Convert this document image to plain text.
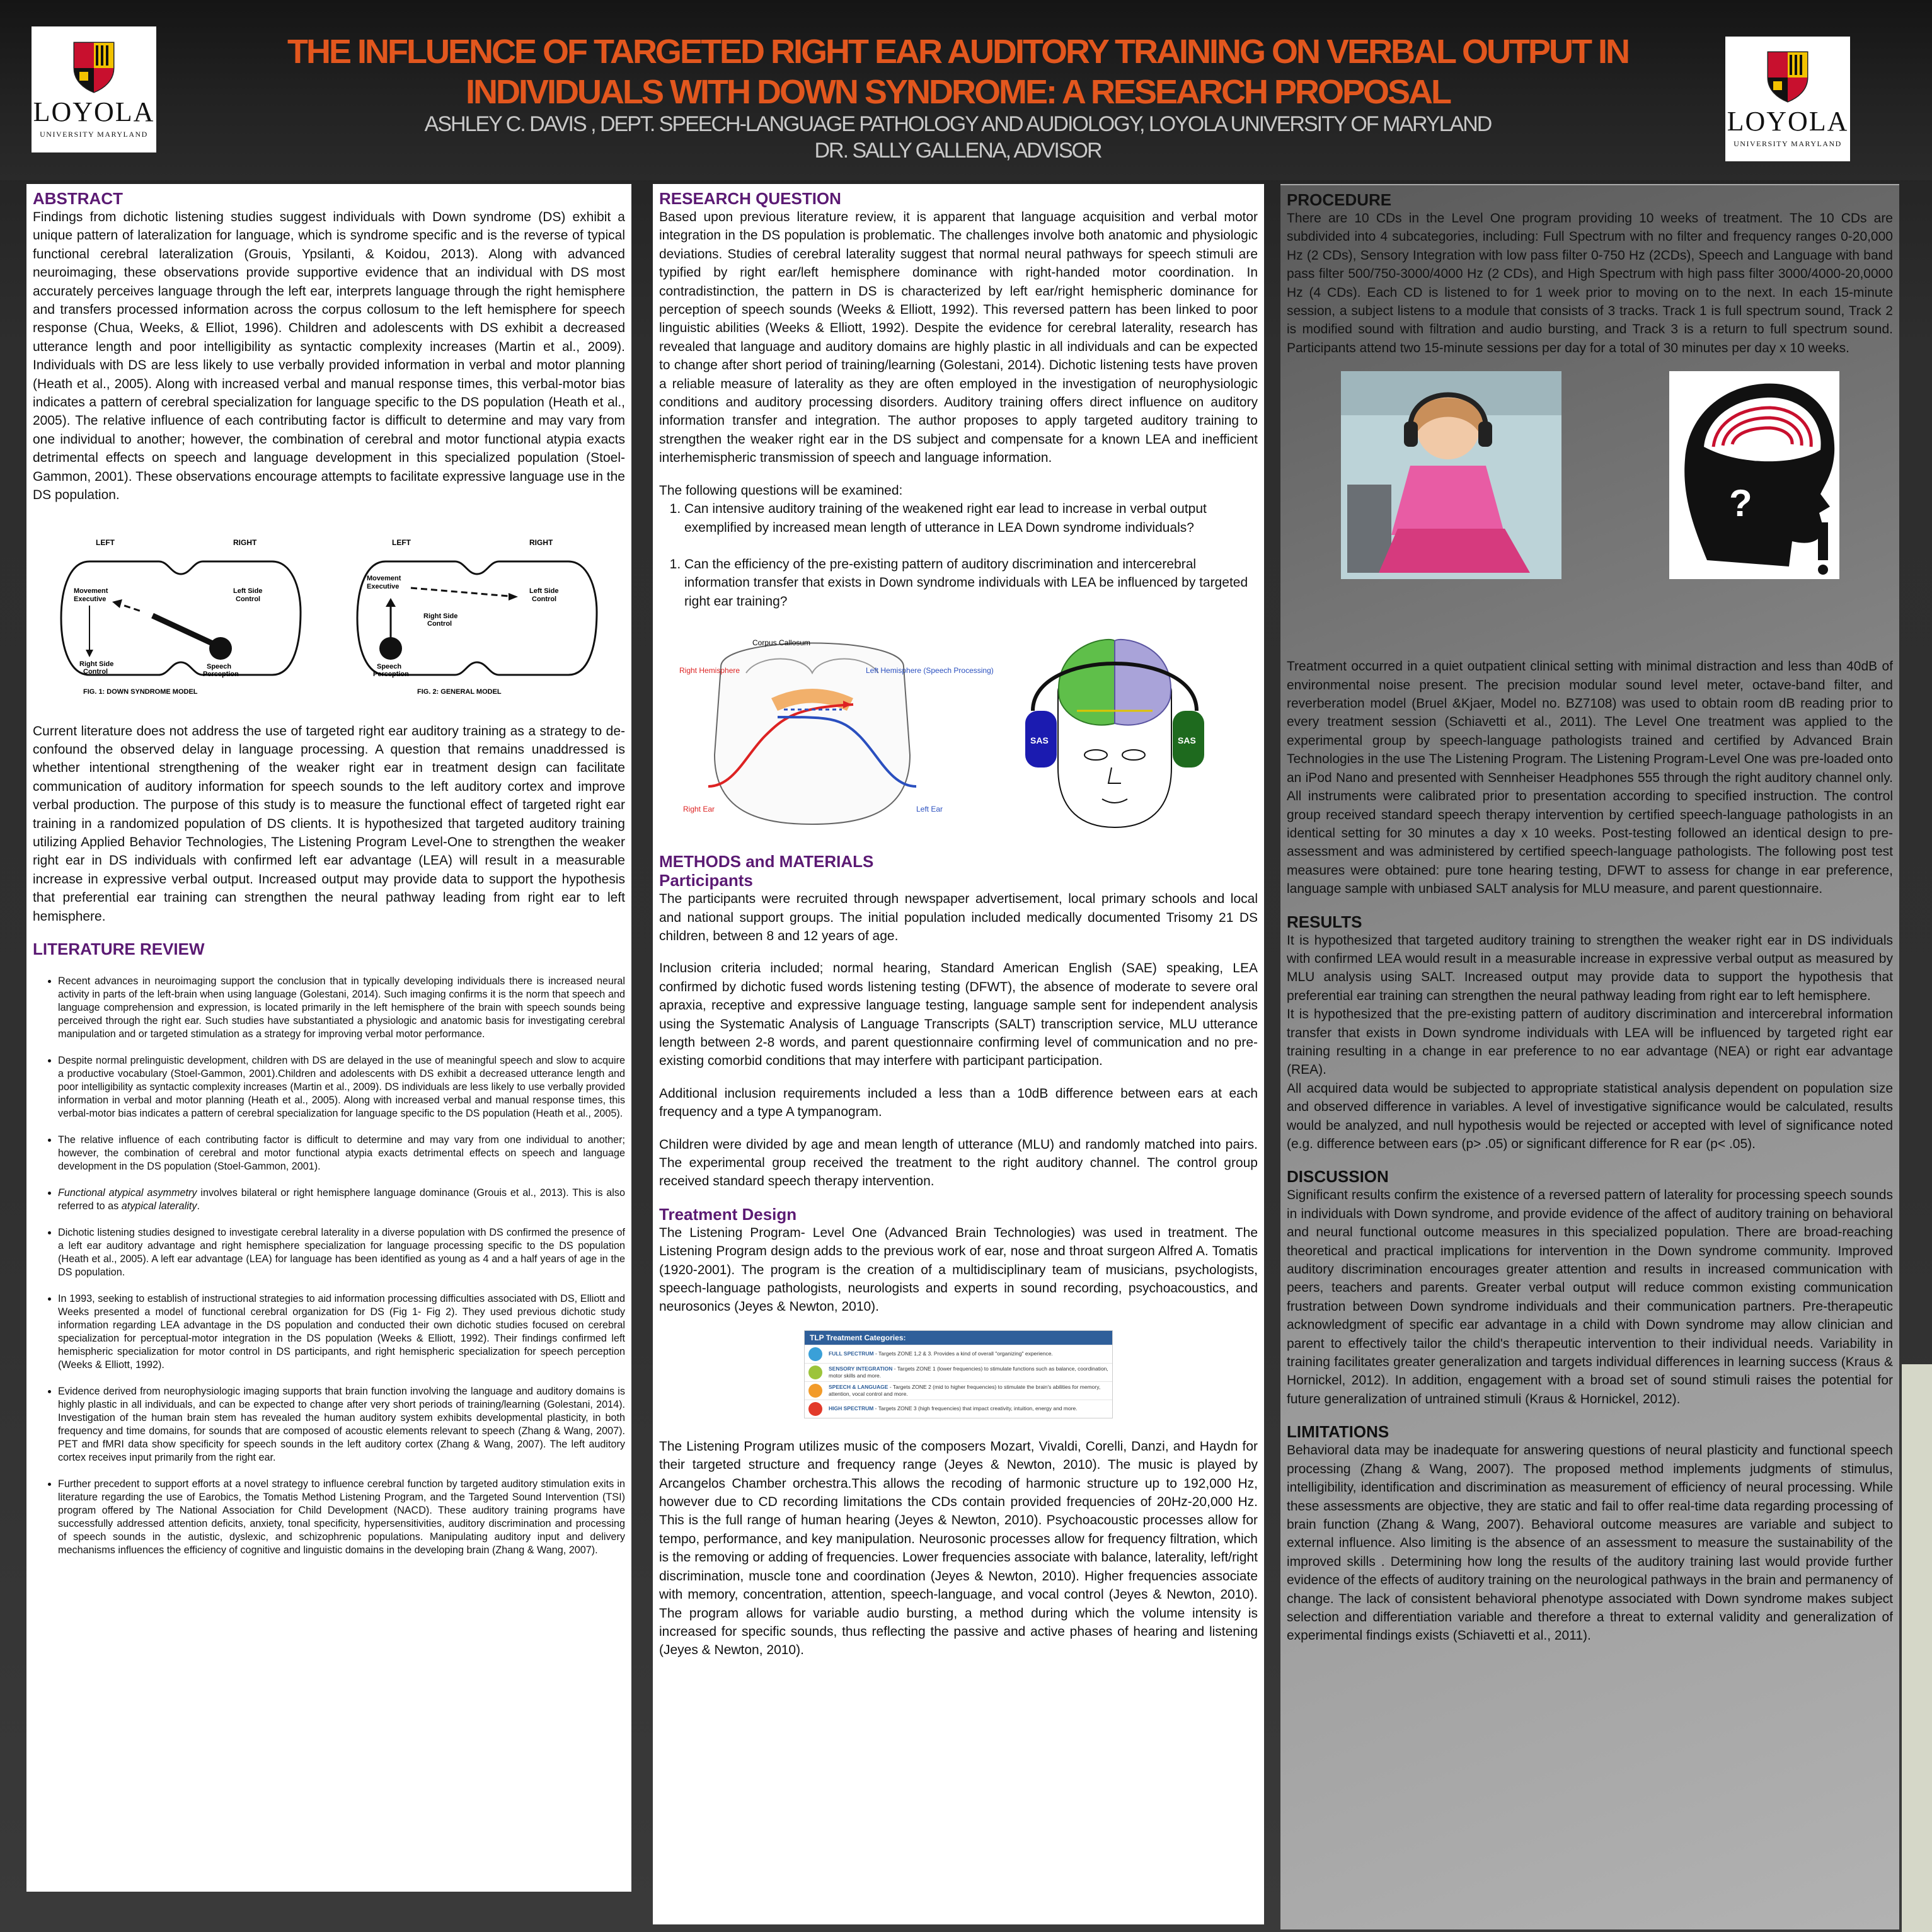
LOYOLA
UNIVERSITY MARYLAND
THE INFLUENCE OF TARGETED RIGHT EAR AUDITORY TRAINING ON VERBAL OUTPUT IN INDIVIDUALS WITH DOWN SYNDROME: A RESEARCH PROPOSAL
ASHLEY C. DAVIS , DEPT. SPEECH-LANGUAGE PATHOLOGY AND AUDIOLOGY, LOYOLA UNIVERSITY OF MARYLAND
DR. SALLY GALLENA, ADVISOR
LOYOLA
UNIVERSITY MARYLAND
ABSTRACT

Findings from dichotic listening studies suggest individuals with Down syndrome (DS) exhibit a unique pattern of lateralization for language, which is syndrome specific and is the reverse of typical functional cerebral lateralization (Grouis, Ypsilanti, & Koidou, 2013). Along with advanced neuroimaging, these observations provide supportive evidence that an individual with DS most accurately perceives language through the left ear, interprets language through the right hemisphere and transfers processed information across the corpus collosum to the left hemisphere for speech response (Chua, Weeks, & Elliot, 1996). Children and adolescents with DS exhibit a decreased utterance length and poor intelligibility as syntactic complexity increases (Martin et al., 2009). Individuals with DS are less likely to use verbally provided information in verbal and motor planning (Heath et al., 2005). Along with increased verbal and manual response times, this verbal-motor bias indicates a pattern of cerebral specialization for language specific to the DS population (Heath et al., 2005). The relative influence of each contributing factor is difficult to determine and may vary from one individual to another; however, the combination of cerebral and motor functional atypia exacts detrimental effects on speech and language development in this specialized population (Stoel-Gammon, 2001). These observations encourage attempts to facilitate expressive language use in the DS population.

LEFT	RIGHT
Movement
Executive
Left Side
Control
Right Side
Control
Speech
Perception
FIG. 1: DOWN SYNDROME MODEL
LEFT	RIGHT
Movement
Executive
Left Side
Control
Right Side
Control
Speech
Perception
FIG. 2: GENERAL MODEL

Current literature does not address the use of targeted right ear auditory training as a strategy to de-confound the observed delay in language processing. A question that remains unaddressed is whether intentional strengthening of the weaker right ear in treatment design can facilitate communication of auditory information for speech sounds to the left auditory cortex and improve verbal production. The purpose of this study is to measure the functional effect of targeted right ear training in a randomized population of DS clients. It is hypothesized that targeted auditory training utilizing Applied Behavior Technologies, The Listening Program Level-One to strengthen the weaker right ear in DS individuals with confirmed left ear advantage (LEA) will result in a measurable increase in expressive verbal output. Increased output may provide data to support the hypothesis that preferential ear training can strengthen the neural pathway leading from right ear to left hemisphere.

LITERATURE REVIEW
• Recent advances in neuroimaging support the conclusion that in typically developing individuals there is increased neural activity in parts of the left-brain when using language (Golestani, 2014). Such imaging confirms it is the norm that speech and language comprehension and expression, is located primarily in the left hemisphere of the brain with speech sounds being perceived through the right ear. Such studies have substantiated a physiologic and anatomic basis for investigating cerebral manipulation and or targeted stimulation as a strategy for improving verbal motor performance.
• Despite normal prelinguistic development, children with DS are delayed in the use of meaningful speech and slow to acquire a productive vocabulary (Stoel-Gammon, 2001).Children and adolescents with DS exhibit a decreased utterance length and poor intelligibility as syntactic complexity increases (Martin et al., 2009). DS individuals are less likely to use verbally provided information in verbal and motor planning (Heath et al., 2005). Along with increased verbal and manual response times, this verbal-motor bias indicates a pattern of cerebral specialization for language specific to the DS population (Heath et al., 2005).
• The relative influence of each contributing factor is difficult to determine and may vary from one individual to another; however, the combination of cerebral and motor functional atypia exacts detrimental effects on speech and language development in the DS population (Stoel-Gammon, 2001).
• Functional atypical asymmetry involves bilateral or right hemisphere language dominance (Grouis et al., 2013). This is also referred to as atypical laterality.
• Dichotic listening studies designed to investigate cerebral laterality in a diverse population with DS confirmed the presence of a left ear auditory advantage and right hemisphere specialization for language processing specific to the DS population (Heath et al., 2005). A left ear advantage (LEA) for language has been identified as young as 4 and a half years of age in the DS population.
• In 1993, seeking to establish of instructional strategies to aid information processing difficulties associated with DS, Elliott and Weeks presented a model of functional cerebral organization for DS (Fig 1- Fig 2). They used previous dichotic study information regarding LEA advantage in the DS population and conducted their own dichotic studies focused on cerebral specialization for perceptual-motor integration in the DS population (Weeks & Elliott, 1992). Their findings confirmed left hemispheric specialization for motor control in DS participants, and right hemispheric specialization for speech perception (Weeks & Elliott, 1992).
• Evidence derived from neurophysiologic imaging supports that brain function involving the language and auditory domains is highly plastic in all individuals, and can be expected to change after very short periods of training/learning (Golestani, 2014). Investigation of the human brain stem has revealed the human auditory system exhibits developmental plasticity, in both frequency and time domains, for sounds that are composed of acoustic elements relevant to speech (Zhang & Wang, 2007). PET and fMRI data show specificity for speech sounds in the left auditory cortex (Zhang & Wang, 2007). The left auditory cortex receives input primarily from the right ear.
• Further precedent to support efforts at a novel strategy to influence cerebral function by targeted auditory stimulation exits in literature regarding the use of Earobics, the Tomatis Method Listening Program, and the Targeted Sound Intervention (TSI) program offered by The National Association for Child Development (NACD). These auditory training programs have successfully addressed attention deficits, anxiety, tonal specificity, hypersensitivities, auditory discrimination and processing of speech sounds in the autistic, dyslexic, and schizophrenic populations. Manipulating auditory input and delivery mechanisms influences the efficiency of cognitive and linguistic domains in the developing brain (Zhang & Wang, 2007).
RESEARCH QUESTION

Based upon previous literature review, it is apparent that language acquisition and verbal motor integration in the DS population is problematic. The challenges involve both anatomic and physiologic deviations. Studies of cerebral laterality suggest that normal neural pathways for speech stimuli are typified by right ear/left hemisphere dominance with right-handed motor coordination. In contradistinction, the pattern in DS is characterized by left ear/right hemispheric dominance for perception of speech sounds (Weeks & Elliott, 1992). This reversed pattern has been linked to poor linguistic abilities (Weeks & Elliott, 1992). Despite the evidence for cerebral laterality, research has revealed that language and auditory domains are highly plastic in all individuals and can be expected to change after short period of training/learning (Golestani, 2014). Dichotic listening tests have proven a reliable measure of laterality as they are often employed in the investigation of neurophysiologic conditions and auditory processing disorders. Auditory training offers direct influence on auditory information transfer and integration. The author proposes to apply targeted auditory training to strengthen the weaker right ear in the DS subject and compensate for a known LEA and inefficient interhemispheric transmission of speech and language information.

The following questions will be examined:

1. Can intensive auditory training of the weakened right ear lead to increase in verbal output exemplified by increased mean length of utterance in LEA Down syndrome individuals?
1. Can the efficiency of the pre-existing pattern of auditory discrimination and intercerebral information transfer that exists in Down syndrome individuals with LEA be influenced by targeted right ear training?
Corpus Callosum
Right Hemisphere	Left Hemisphere (Speech Processing)
Right Ear	Left Ear
SAS	SAS
METHODS and MATERIALS
Participants

The participants were recruited through newspaper advertisement, local primary schools and local and national support groups. The initial population included medically documented Trisomy 21 DS children, between 8 and 12 years of age.

Inclusion criteria included; normal hearing, Standard American English (SAE) speaking, LEA confirmed by dichotic fused words listening testing (DFWT), the absence of moderate to severe oral apraxia, receptive and expressive language testing, language sample sent for independent analysis using the Systematic Analysis of Language Transcripts (SALT) transcription service, MLU utterance length between 2-8 words, and parent questionnaire confirming level of communication and no pre-existing comorbid conditions that may interfere with participant participation.

Additional inclusion requirements included a less than a 10dB difference between ears at each frequency and a type A tympanogram.

Children were divided by age and mean length of utterance (MLU) and randomly matched into pairs. The experimental group received the treatment to the right auditory channel. The control group received standard speech therapy intervention.

Treatment Design

The Listening Program- Level One (Advanced Brain Technologies) was used in treatment. The Listening Program design adds to the previous work of ear, nose and throat surgeon Alfred A. Tomatis (1920-2001). The program is the creation of a multidisciplinary team of musicians, psychologists, speech-language pathologists, neurologists and experts in sound recording, psychoacoustics, and neurosonics (Jeyes & Newton, 2010).

TLP Treatment Categories:
FULL SPECTRUM - Targets ZONE 1,2 & 3. Provides a kind of overall "organizing" experience.
SENSORY INTEGRATION - Targets ZONE 1 (lower frequencies) to stimulate functions such as balance, coordination, motor skills and more.
SPEECH & LANGUAGE - Targets ZONE 2 (mid to higher frequencies) to stimulate the brain's abilities for memory, attention, vocal control and more.
HIGH SPECTRUM - Targets ZONE 3 (high frequencies) that impact creativity, intuition, energy and more.

The Listening Program utilizes music of the composers Mozart, Vivaldi, Corelli, Danzi, and Haydn for their targeted structure and frequency range (Jeyes & Newton, 2010). The music is played by Arcangelos Chamber orchestra.This allows the recoding of harmonic structure up to 192,000 Hz, however due to CD recording limitations the CDs contain provided frequencies of 20Hz-20,000 Hz. This is the full range of human hearing (Jeyes & Newton, 2010). Psychoacoustic processes allow for tempo, performance, and key manipulation. Neurosonic processes allow for frequency filtration, which is the removing or adding of frequencies. Lower frequencies associate with balance, laterality, left/right discrimination, muscle tone and coordination (Jeyes & Newton, 2010). Higher frequencies associate with memory, concentration, attention, speech-language, and vocal control (Jeyes & Newton, 2010). The program allows for variable audio bursting, a method during which the volume intensity is increased for specific sounds, thus reflecting the passive and active phases of hearing and listening (Jeyes & Newton, 2010).

PROCEDURE

There are 10 CDs in the Level One program providing 10 weeks of treatment. The 10 CDs are subdivided into 4 subcategories, including: Full Spectrum with no filter and frequency ranges 0-20,000 Hz (2 CDs), Sensory Integration with low pass filter 0-750 Hz (2CDs), Speech and Language with band pass filter 500/750-3000/4000 Hz (2 CDs), and High Spectrum with high pass filter 3000/4000-20,0000 Hz (4 CDs). Each CD is listened to for 1 week prior to moving on to the next. In each 15-minute session, a subject listens to a module that consists of 3 tracks. Track 1 is full spectrum sound, Track 2 is modified sound with filtration and audio bursting, and Track 3 is a return to full spectrum sound. Participants attend two 15-minute sessions per day for a total of 30 minutes per day x 10 weeks.

?

Treatment occurred in a quiet outpatient clinical setting with minimal distraction and less than 40dB of environmental noise present. The precision modular sound level meter, octave-band filter, and reverberation model (Bruel &Kjaer, Model no. BZ7108) was used to obtain room dB reading prior to every treatment session (Schiavetti et al., 2011). The Level One treatment was applied to the experimental group by speech-language pathologists trained and certified by Advanced Brain Technologies in the use The Listening Program. The Listening Program-Level One was pre-loaded onto an iPod Nano and presented with Sennheiser Headphones 555 through the right auditory channel only. All instruments were calibrated prior to presentation according to specified instruction. The control group received standard speech therapy intervention by certified speech-language pathologists in an identical setting for 30 minutes a day x 10 weeks. Post-testing followed an identical design to pre-assessment and was administered by certified speech-language pathologists. The following post test measures were obtained: pure tone hearing testing, DFWT to assess for change in ear preference, language sample with unbiased SALT analysis for MLU measure, and parent questionnaire.

RESULTS

It is hypothesized that targeted auditory training to strengthen the weaker right ear in DS individuals with confirmed LEA would result in a measurable increase in expressive verbal output as measured by MLU analysis using SALT. Increased output may provide data to support the hypothesis that preferential ear training can strengthen the neural pathway leading from right ear to left hemisphere.

It is hypothesized that the pre-existing pattern of auditory discrimination and intercerebral information transfer that exists in Down syndrome individuals with LEA will be influenced by targeted right ear training resulting in a change in ear preference to no ear advantage (NEA) or right ear advantage (REA).

All acquired data would be subjected to appropriate statistical analysis dependent on population size and observed difference in variables. A level of investigative significance would be calculated, results would be analyzed, and null hypothesis would be rejected or accepted with level of significance noted (e.g. difference between ears (p> .05) or significant difference for R ear (p< .05).

DISCUSSION

Significant results confirm the existence of a reversed pattern of laterality for processing speech sounds in individuals with Down syndrome, and provide evidence of the affect of auditory training on behavioral and neural functional outcome measures in this specialized population. There are broad-reaching theoretical and practical implications for intervention in the Down syndrome community. Improved auditory discrimination encourages greater attention and results in increased communication with peers, teachers and parents. Greater verbal output will reduce common existing communication frustration between Down syndrome individuals and their communication partners. Pre-therapeutic acknowledgment of specific ear advantage in a child with Down syndrome may allow clinician and parent to effectively tailor the child's therapeutic intervention to their individual needs. Variability in training facilitates greater generalization and targets individual differences in learning success (Kraus & Hornickel, 2012). In addition, engagement with a broad set of sound stimuli raises the potential for future generalization of untrained stimuli (Kraus & Hornickel, 2012).

LIMITATIONS

Behavioral data may be inadequate for answering questions of neural plasticity and functional speech processing (Zhang & Wang, 2007). The proposed method implements judgments of stimulus, intelligibility, identification and discrimination as measurement of efficiency of neural processing. While these assessments are objective, they are static and fail to offer real-time data regarding processing of brain function (Zhang & Wang, 2007). Behavioral outcome measures are variable and subject to external influence. Also limiting is the absence of an assessment to measure the sustainability of the improved skills . Determining how long the results of the auditory training last would provide further evidence of the effects of auditory training on the neurological pathways in the brain and permanency of change. The lack of consistent behavioral phenotype associated with Down syndrome makes subject selection and differentiation variable and therefore a threat to external validity and generalization of experimental findings exists (Schiavetti et al., 2011).
